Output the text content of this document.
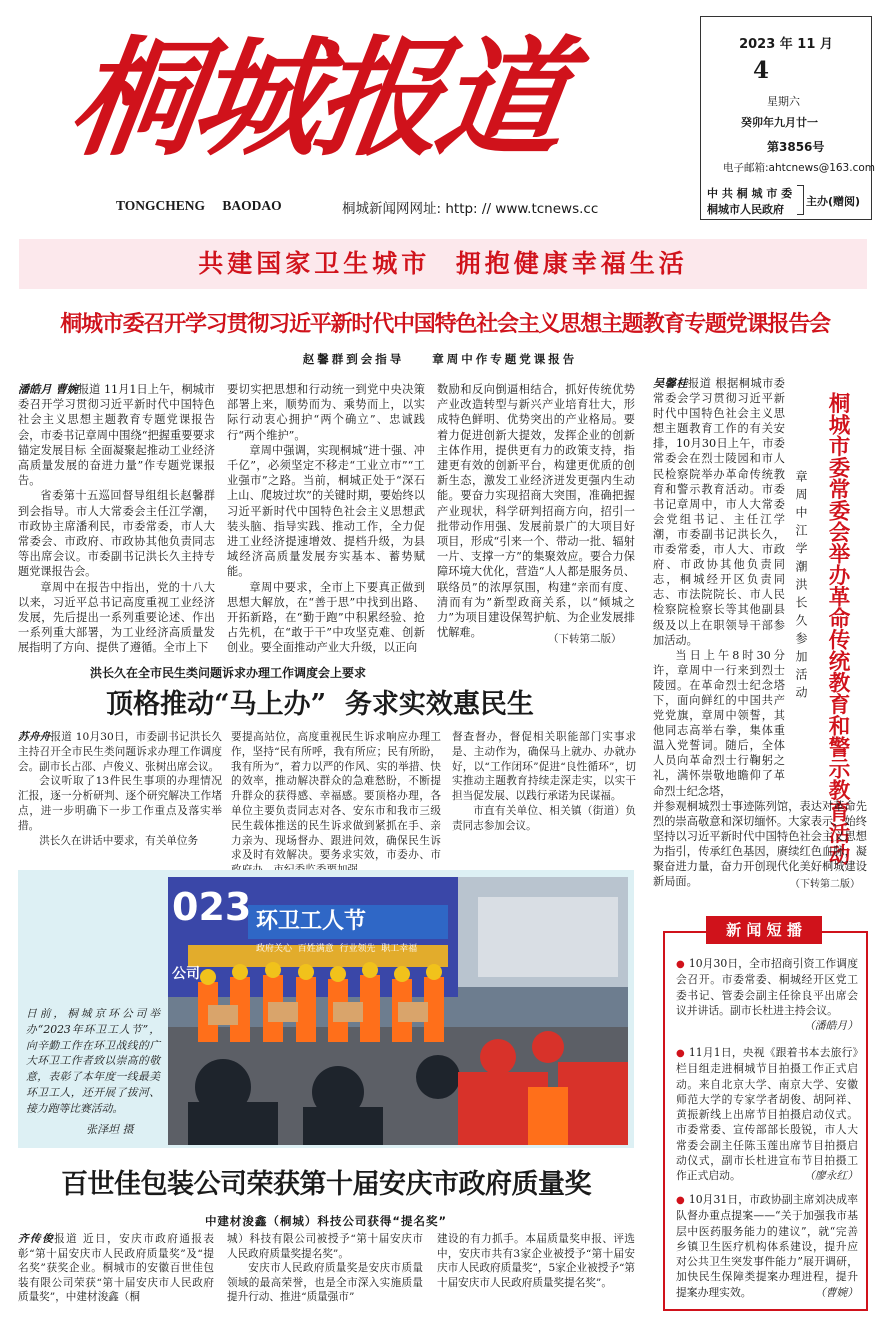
桐城报道
TONGCHENG BAODAO	桐城新闻网网址: http: // www.tcnews.cc
2023 年 11 月
4
星期六
癸卯年九月廿一
第3856号
电子邮箱:ahtcnews@163.com
中 共 桐 城 市 委
桐城市人民政府
主办(赠阅)
共建国家卫生城市  拥抱健康幸福生活
桐城市委召开学习贯彻习近平新时代中国特色社会主义思想主题教育专题党课报告会
赵馨群到会指导    章周中作专题党课报告

潘皓月 曹婉报道 11月1日上午，桐城市委召开学习贯彻习近平新时代中国特色社会主义思想主题教育专题党课报告会，市委书记章周中围绕“把握重要要求 锚定发展目标 全面凝聚起推动工业经济高质量发展的奋进力量”作专题党课报告。

省委第十五巡回督导组组长赵馨群到会指导。市人大常委会主任江学潮，市政协主席潘利民，市委常委，市人大常委会、市政府、市政协其他负责同志等出席会议。市委副书记洪长久主持专题党课报告会。

章周中在报告中指出，党的十八大以来，习近平总书记高度重视工业经济发展，先后提出一系列重要论述、作出一系列重大部署，为工业经济高质量发展指明了方向、提供了遵循。全市上下

要切实把思想和行动统一到党中央决策部署上来，顺势而为、乘势而上，以实际行动衷心拥护“两个确立”、忠诚践行“两个维护”。

章周中强调，实现桐城“进十强、冲千亿”，必须坚定不移走“工业立市”“工业强市”之路。当前，桐城正处于“深石上山、爬坡过坎”的关键时期，要始终以习近平新时代中国特色社会主义思想武装头脑、指导实践、推动工作，全力促进工业经济提速增效、提档升级，为县域经济高质量发展夯实基本、蓄势赋能。

章周中要求，全市上下要真正做到思想大解放，在“善于思”中找到出路、开拓新路，在“勤于跑”中积累经验、抢占先机，在“敢于干”中攻坚克难、创新创业。要全面推动产业大升级，以正向

数励和反向倒逼相结合，抓好传统优势产业改造转型与新兴产业培育壮大，形成特色鲜明、优势突出的产业格局。要着力促进创新大提效，发挥企业的创新主体作用，提供更有力的政策支持，指建更有效的创新平台，构建更优质的创新生态，激发工业经济迸发更强内生动能。要奋力实现招商大突围，准确把握产业现状，科学研判招商方向，招引一批带动作用强、发展前景广的大项目好项目，形成“引来一个、带动一批、辐射一片、支撑一方”的集聚效应。要合力保障环境大优化，营造“人人都是服务员、联络员”的浓厚氛围，构建“亲而有度、清而有为”新型政商关系，以“倾城之力”为项目建设保驾护航、为企业发展排忧解难。	（下转第二版）
洪长久在全市民生类问题诉求办理工作调度会上要求
顶格推动“马上办”  务求实效惠民生

苏舟舟报道 10月30日，市委副书记洪长久主持召开全市民生类问题诉求办理工作调度会。副市长占邵、卢俊义、张树出席会议。

会议听取了13件民生事项的办理情况汇报，逐一分析研判、逐个研究解决工作堵点，进一步明确下一步工作重点及落实举措。

洪长久在讲话中要求，有关单位务

要提高站位，高度重视民生诉求响应办理工作，坚持“民有所呼，我有所应；民有所盼，我有所为”，着力以严的作风、实的举措、快的效率，推动解决群众的急难愁盼，不断提升群众的获得感、幸福感。要顶格办理，各单位主要负责同志对各、安东市和我市三级民生载体推送的民生诉求做到紧抓在手、亲力亲为、现场督办、跟进问效，确保民生诉求及时有效解决。要务求实效，市委办、市

督查督办，督促相关职能部门实事求是、主动作为，确保马上就办、办就办好，以“工作闭环”促进“良性循环”，切实推动主题教育持续走深走实，以实干担当促发展、以践行承诺为民谋福。

市直有关单位、相关镇（街道）负责同志参加会议。	桐城市委常委会举办革命传统教育和警示教育活动
章周中江学潮洪长久参加活动

吴馨桂报道 根据桐城市委常委会学习贯彻习近平新时代中国特色社会主义思想主题教育工作的有关安排，10月30日上午，市委常委会在烈士陵园和市人民检察院举办革命传统教育和警示教育活动。市委书记章周中，市人大常委会党组书记、主任江学潮，市委副书记洪长久，市委常委，市人大、市政府、市政协其他负责同志，桐城经开区负责同志、市法院院长、市人民检察院检察长等其他副县级及以上在职领导干部参加活动。

当日上午8时30分许，章周中一行来到烈士陵园。在革命烈士纪念塔下，面向鲜红的中国共产党党旗，章周中领誓，其他同志高举右拳，集体重温入党誓词。随后，全体人员向革命烈士行鞠躬之礼，满怀崇敬地瞻仰了革命烈士纪念塔，

并参观桐城烈士事迹陈列馆，表达对革命先烈的崇高敬意和深切缅怀。大家表示，始终坚持以习近平新时代中国特色社会主义思想为指引，传承红色基因，赓续红色血脉，凝聚奋进力量，奋力开创现代化美好桐城建设新局面。	（下转第二版）
023 环卫工人节
政府关心  百姓满意  行业领先  职工幸福
公司
日前，桐城京环公司举办“2023年环卫工人节”，向辛勤工作在环卫战线的广大环卫工作者致以崇高的敬意，表彰了本年度一线最美环卫工人，还开展了拔河、接力跑等比赛活动。
张泽坦 摄
新 闻 短 播
● 10月30日，全市招商引资工作调度会召开。市委常委、桐城经开区党工委书记、管委会副主任徐良平出席会议并讲话。副市长杜进主持会议。
（潘皓月）
● 11月1日，央视《跟着书本去旅行》栏目组走进桐城节目拍摄工作正式启动。来自北京大学、南京大学、安徽师范大学的专家学者胡俊、胡阿祥、黄振新线上出席节目拍摄启动仪式。市委常委、宣传部部长殷锐，市人大常委会副主任陈玉莲出席节目拍摄启动仪式，副市长杜进宣布节目拍摄工作正式启动。	（廖永红）
● 10月31日，市政协副主席刘决成率队督办重点提案——“关于加强我市基层中医药服务能力的建议”，就“完善乡镇卫生医疗机构体系建设，提升应对公共卫生突发事件能力”展开调研，加快民生保障类提案办理进程，提升提案办理实效。	（曹婉）
百世佳包装公司荣获第十届安庆市政府质量奖
中建材浚鑫（桐城）科技公司获得“提名奖”

齐传俊报道 近日，安庆市政府通报表彰“第十届安庆市人民政府质量奖”及“提名奖”获奖企业。桐城市的安徽百世佳包装有限公司荣获“第十届安庆市人民政府质量奖”，中建材浚鑫（桐

城）科技有限公司被授予“第十届安庆市人民政府质量奖提名奖”。

安庆市人民政府质量奖是安庆市质量领域的最高荣誉，也是全市深入实施质量提升行动、推进“质量强市”

建设的有力抓手。本届质量奖申报、评选中，安庆市共有3家企业被授予“第十届安庆市人民政府质量奖”，5家企业被授予“第十届安庆市人民政府质量奖提名奖”。
